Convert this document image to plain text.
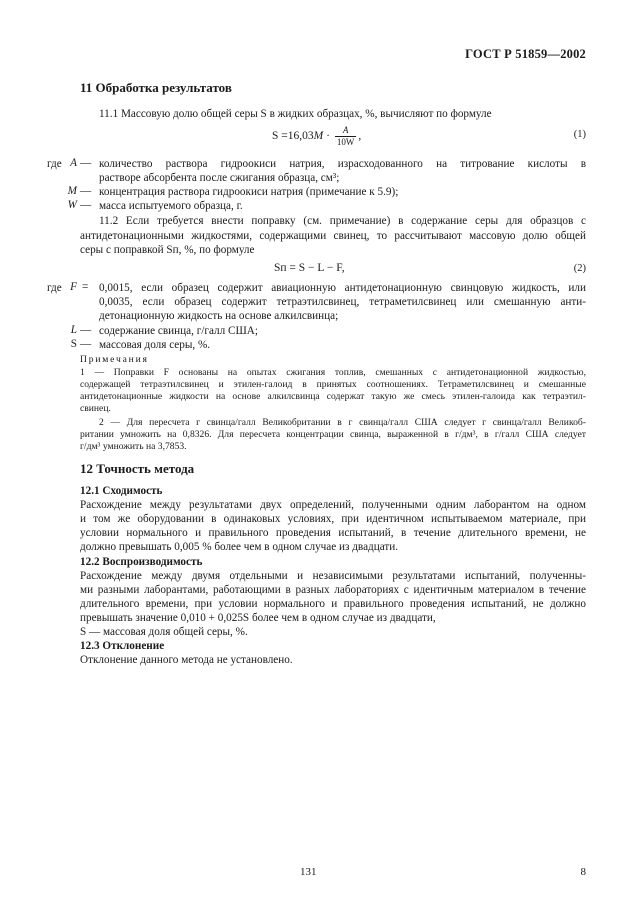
ГОСТ Р 51859—2002
11 Обработка результатов
11.1 Массовую долю общей серы S в жидких образцах, %, вычисляют по формуле
$S =16,03M \cdot \frac{A}{10W}$ ,	(1)
где A — количество раствора гидроокиси натрия, израсходованного на титрование кислоты в
растворе абсорбента после сжигания образца, см³;
M — концентрация раствора гидроокиси натрия (примечание к 5.9);
W — масса испытуемого образца, г.
11.2 Если требуется внести поправку (см. примечание) в содержание серы для образцов с
антидетонационными жидкостями, содержащими свинец, то рассчитывают массовую долю общей
серы с поправкой Sп, %, по формуле
Sп = S − L − F,	(2)
где F = 0,0015, если образец содержит авиационную антидетонационную свинцовую жидкость, или
0,0035, если образец содержит тетраэтилсвинец, тетраметилсвинец или смешанную анти-
детонационную жидкость на основе алкилсвинца;
L — содержание свинца, г/галл США;
S — массовая доля серы, %.
Примечания
1 — Поправки F основаны на опытах сжигания топлив, смешанных с антидетонационной жидкостью,
содержащей тетраэтилсвинец и этилен-галоид в принятых соотношениях. Тетраметилсвинец и смешанные
антидетонационные жидкости на основе алкилсвинца содержат такую же смесь этилен-галоида как тетраэтил-
свинец.
2 — Для пересчета г свинца/галл Великобритании в г свинца/галл США следует г свинца/галл Великоб-
ритании умножить на 0,8326. Для пересчета концентрации свинца, выраженной в г/дм³, в г/галл США следует
г/дм³ умножить на 3,7853.
12 Точность метода
12.1 Сходимость
Расхождение между результатами двух определений, полученными одним лаборантом на одном
и том же оборудовании в одинаковых условиях, при идентичном испытываемом материале, при
условии нормального и правильного проведения испытаний, в течение длительного времени, не
должно превышать 0,005 % более чем в одном случае из двадцати.
12.2 Воспроизводимость
Расхождение между двумя отдельными и независимыми результатами испытаний, полученны-
ми разными лаборантами, работающими в разных лабораториях с идентичным материалом в течение
длительного времени, при условии нормального и правильного проведения испытаний, не должно
превышать значение 0,010 + 0,025S более чем в одном случае из двадцати,
S — массовая доля общей серы, %.
12.3 Отклонение
Отклонение данного метода не установлено.
131	8
